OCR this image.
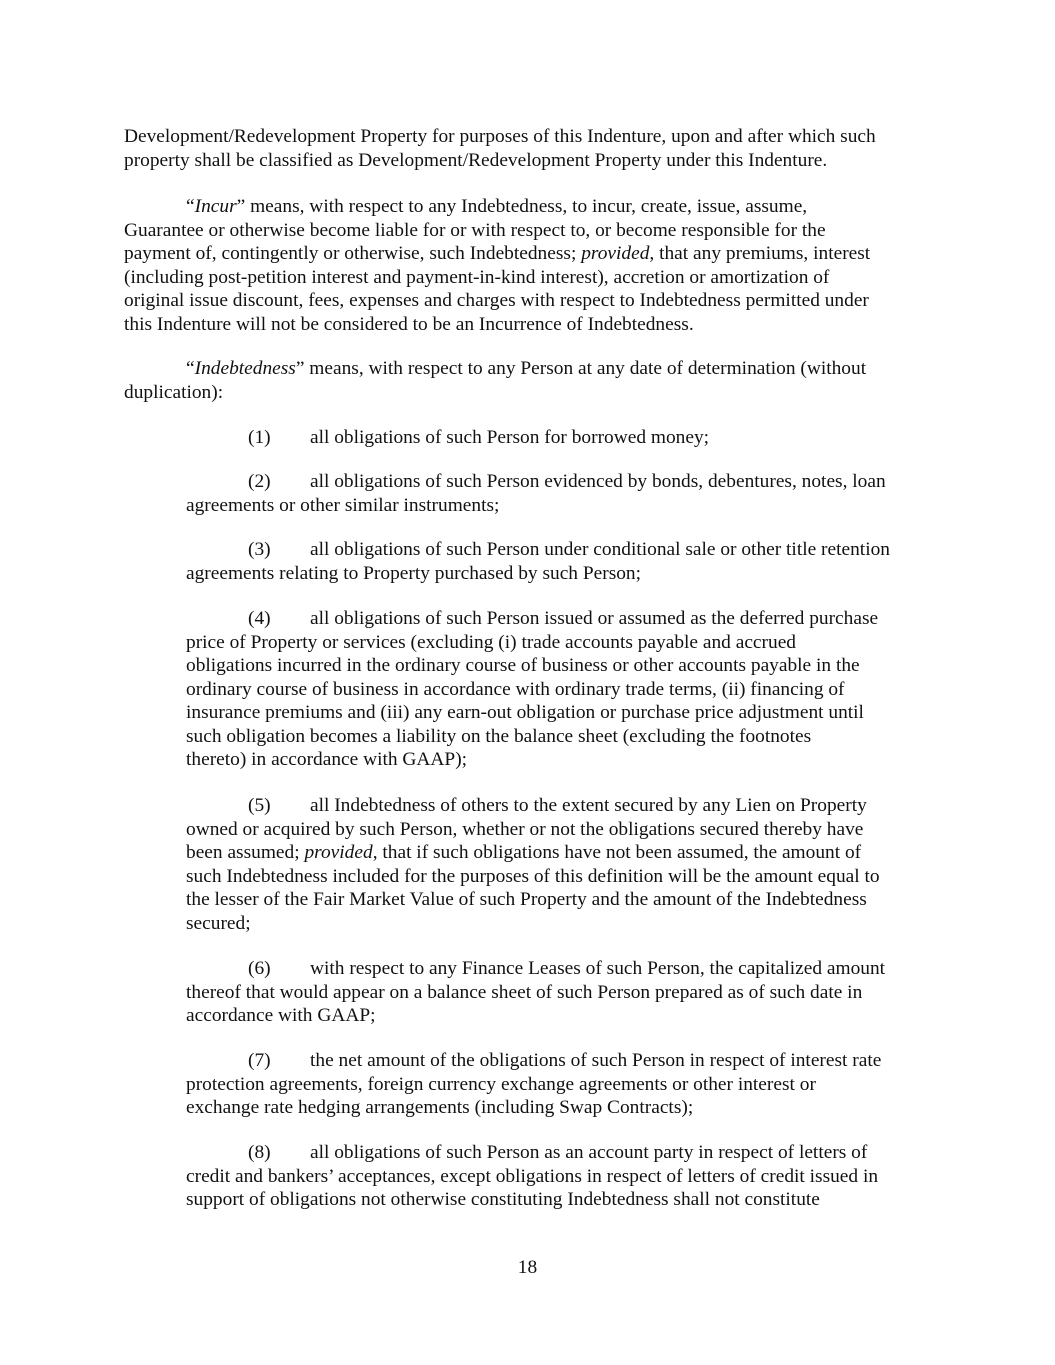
Development/Redevelopment Property for purposes of this Indenture, upon and after which such
property shall be classified as Development/Redevelopment Property under this Indenture.

“Incur” means, with respect to any Indebtedness, to incur, create, issue, assume,
Guarantee or otherwise become liable for or with respect to, or become responsible for the
payment of, contingently or otherwise, such Indebtedness; provided, that any premiums, interest
(including post-petition interest and payment-in-kind interest), accretion or amortization of
original issue discount, fees, expenses and charges with respect to Indebtedness permitted under
this Indenture will not be considered to be an Incurrence of Indebtedness.

“Indebtedness” means, with respect to any Person at any date of determination (without
duplication):

(1) all obligations of such Person for borrowed money;

(2) all obligations of such Person evidenced by bonds, debentures, notes, loan
agreements or other similar instruments;

(3) all obligations of such Person under conditional sale or other title retention
agreements relating to Property purchased by such Person;

(4) all obligations of such Person issued or assumed as the deferred purchase
price of Property or services (excluding (i) trade accounts payable and accrued
obligations incurred in the ordinary course of business or other accounts payable in the
ordinary course of business in accordance with ordinary trade terms, (ii) financing of
insurance premiums and (iii) any earn-out obligation or purchase price adjustment until
such obligation becomes a liability on the balance sheet (excluding the footnotes
thereto) in accordance with GAAP);

(5) all Indebtedness of others to the extent secured by any Lien on Property
owned or acquired by such Person, whether or not the obligations secured thereby have
been assumed; provided, that if such obligations have not been assumed, the amount of
such Indebtedness included for the purposes of this definition will be the amount equal to
the lesser of the Fair Market Value of such Property and the amount of the Indebtedness
secured;

(6) with respect to any Finance Leases of such Person, the capitalized amount
thereof that would appear on a balance sheet of such Person prepared as of such date in
accordance with GAAP;

(7) the net amount of the obligations of such Person in respect of interest rate
protection agreements, foreign currency exchange agreements or other interest or
exchange rate hedging arrangements (including Swap Contracts);

(8) all obligations of such Person as an account party in respect of letters of
credit and bankers’ acceptances, except obligations in respect of letters of credit issued in
support of obligations not otherwise constituting Indebtedness shall not constitute

18
